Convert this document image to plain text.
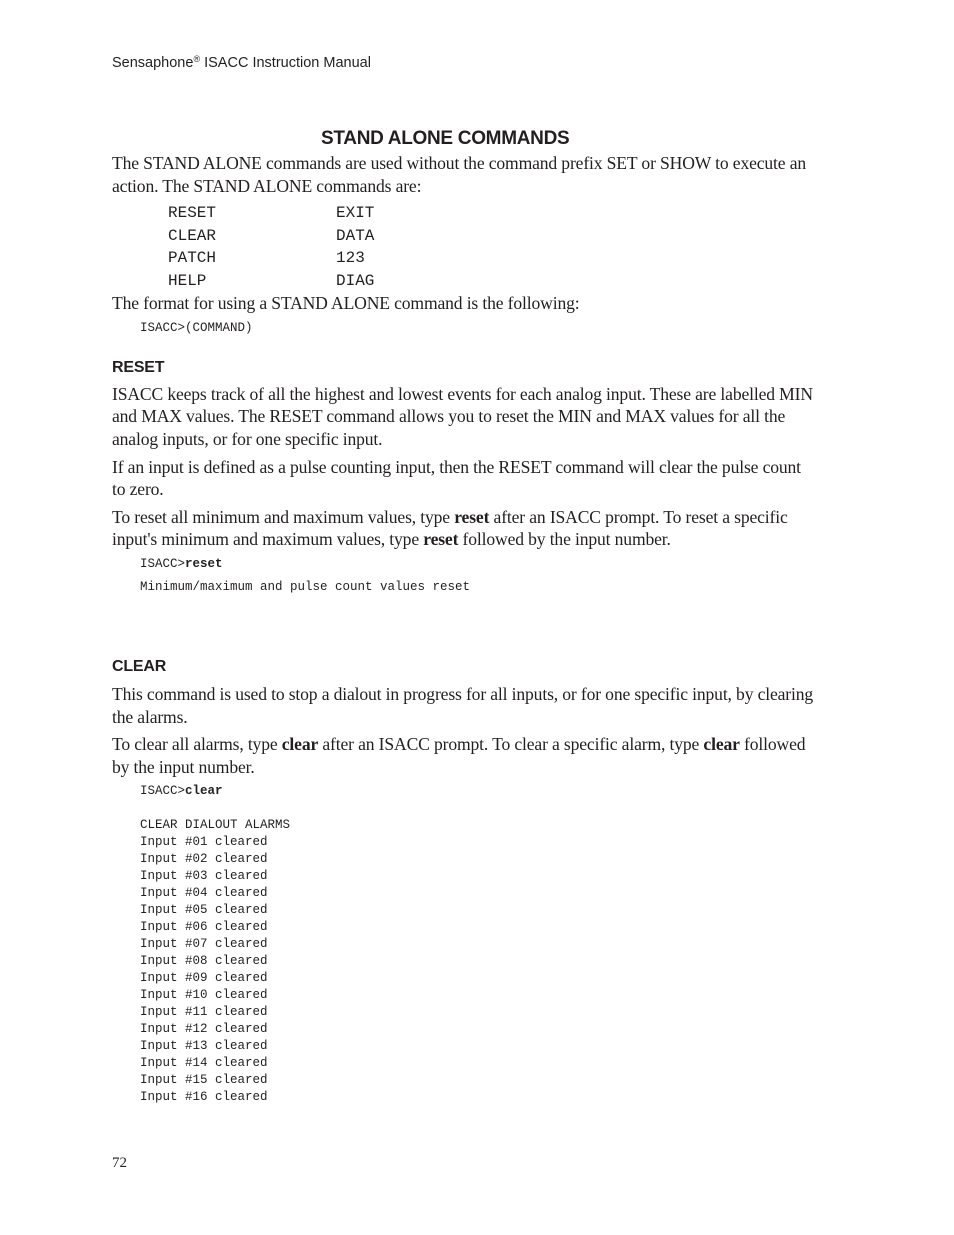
Sensaphone® ISACC Instruction Manual
STAND ALONE COMMANDS

The STAND ALONE commands are used without the command prefix SET or SHOW to execute an action. The STAND ALONE commands are:

RESET	EXIT
CLEAR	DATA
PATCH	123
HELP	DIAG

The format for using a STAND ALONE command is the following:

ISACC>(COMMAND)
RESET

ISACC keeps track of all the highest and lowest events for each analog input. These are labelled MIN and MAX values. The RESET command allows you to reset the MIN and MAX values for all the analog inputs, or for one specific input.

If an input is defined as a pulse counting input, then the RESET command will clear the pulse count to zero.

To reset all minimum and maximum values, type reset after an ISACC prompt. To reset a specific input's minimum and maximum values, type reset followed by the input number.

ISACC>reset
Minimum/maximum and pulse count values reset
CLEAR

This command is used to stop a dialout in progress for all inputs, or for one specific input, by clearing the alarms.

To clear all alarms, type clear after an ISACC prompt. To clear a specific alarm, type clear followed by the input number.

ISACC>clear
CLEAR DIALOUT ALARMS
Input #01 cleared
Input #02 cleared
Input #03 cleared
Input #04 cleared
Input #05 cleared
Input #06 cleared
Input #07 cleared
Input #08 cleared
Input #09 cleared
Input #10 cleared
Input #11 cleared
Input #12 cleared
Input #13 cleared
Input #14 cleared
Input #15 cleared
Input #16 cleared
72
